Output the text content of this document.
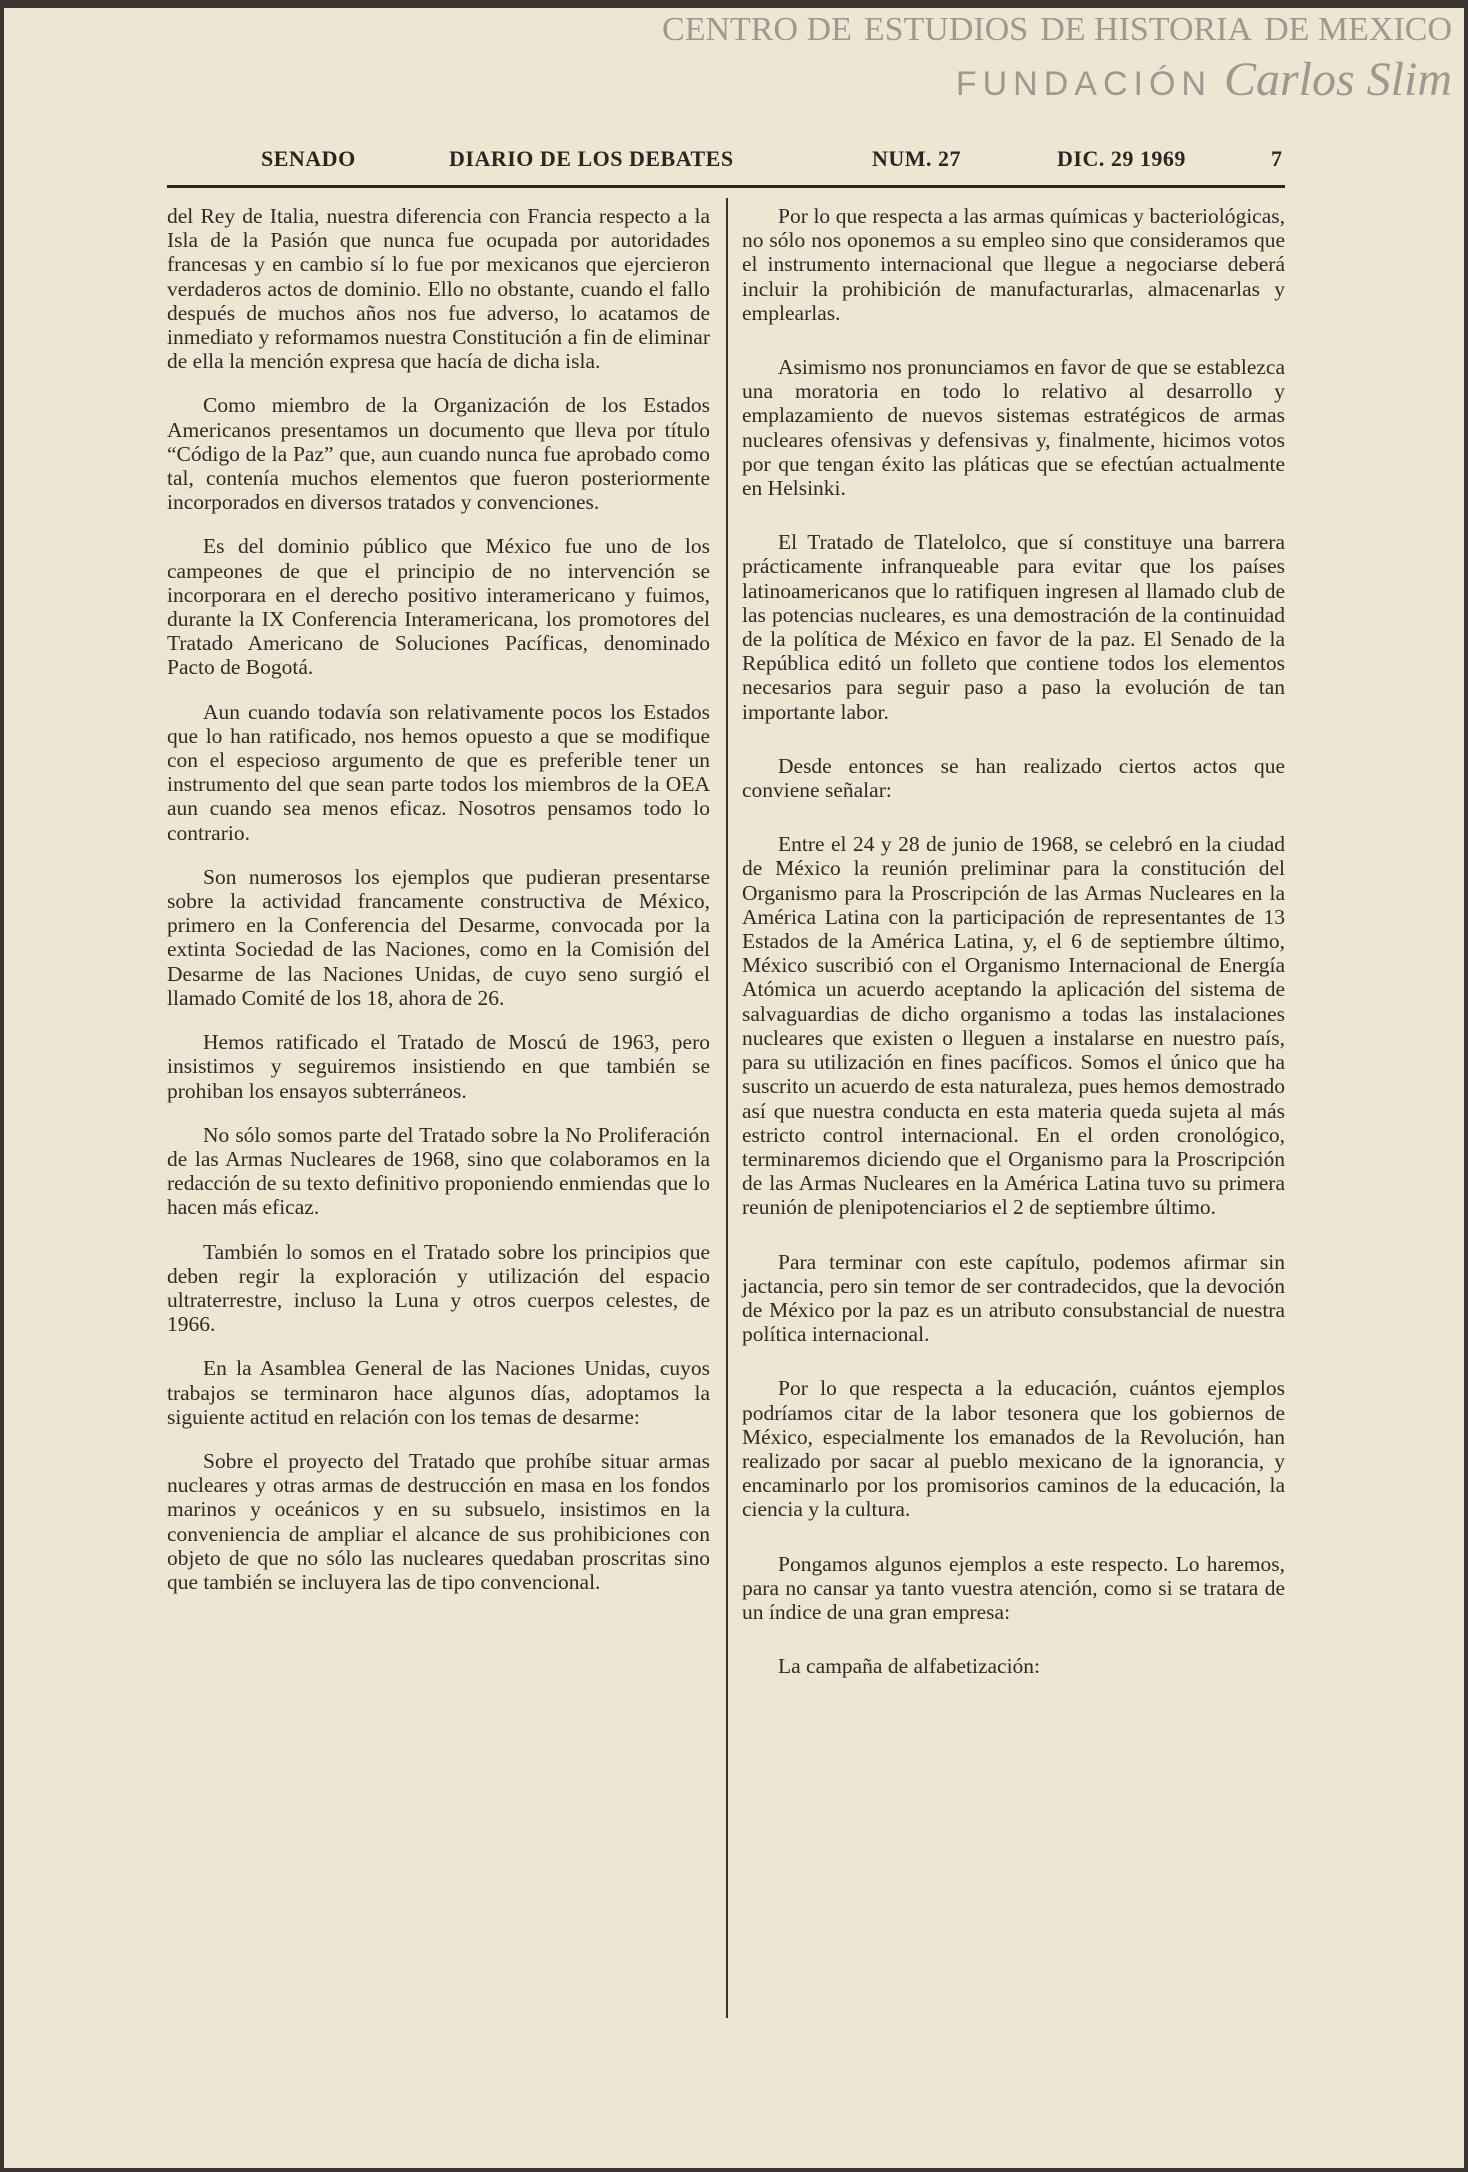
CENTRO DE ESTUDIOS DE HISTORIA DE MEXICO
FUNDACIÓN Carlos Slim
SENADO	DIARIO DE LOS DEBATES	NUM. 27	DIC. 29 1969	7

del Rey de Italia, nuestra diferencia con Francia respecto a la Isla de la Pasión que nunca fue ocupada por autoridades francesas y en cambio sí lo fue por mexicanos que ejercieron verdaderos actos de dominio. Ello no obstante, cuando el fallo después de muchos años nos fue adverso, lo acatamos de inmediato y reformamos nuestra Constitución a fin de eliminar de ella la mención expresa que hacía de dicha isla.

Como miembro de la Organización de los Estados Americanos presentamos un documento que lleva por título “Código de la Paz” que, aun cuando nunca fue aprobado como tal, contenía muchos elementos que fueron posteriormente incorporados en diversos tratados y convenciones.

Es del dominio público que México fue uno de los campeones de que el principio de no intervención se incorporara en el derecho positivo interamericano y fuimos, durante la IX Conferencia Interamericana, los promotores del Tratado Americano de Soluciones Pacíficas, denominado Pacto de Bogotá.

Aun cuando todavía son relativamente pocos los Estados que lo han ratificado, nos hemos opuesto a que se modifique con el especioso argumento de que es preferible tener un instrumento del que sean parte todos los miembros de la OEA aun cuando sea menos eficaz. Nosotros pensamos todo lo contrario.

Son numerosos los ejemplos que pudieran presentarse sobre la actividad francamente constructiva de México, primero en la Conferencia del Desarme, convocada por la extinta Sociedad de las Naciones, como en la Comisión del Desarme de las Naciones Unidas, de cuyo seno surgió el llamado Comité de los 18, ahora de 26.

Hemos ratificado el Tratado de Moscú de 1963, pero insistimos y seguiremos insistiendo en que también se prohiban los ensayos subterráneos.

No sólo somos parte del Tratado sobre la No Proliferación de las Armas Nucleares de 1968, sino que colaboramos en la redacción de su texto definitivo proponiendo enmiendas que lo hacen más eficaz.

También lo somos en el Tratado sobre los principios que deben regir la exploración y utilización del espacio ultraterrestre, incluso la Luna y otros cuerpos celestes, de 1966.

En la Asamblea General de las Naciones Unidas, cuyos trabajos se terminaron hace algunos días, adoptamos la siguiente actitud en relación con los temas de desarme:

Sobre el proyecto del Tratado que prohíbe situar armas nucleares y otras armas de destrucción en masa en los fondos marinos y oceánicos y en su subsuelo, insistimos en la conveniencia de ampliar el alcance de sus prohibiciones con objeto de que no sólo las nucleares quedaban proscritas sino que también se incluyera las de tipo convencional.

Por lo que respecta a las armas químicas y bacteriológicas, no sólo nos oponemos a su empleo sino que consideramos que el instrumento internacional que llegue a negociarse deberá incluir la prohibición de manufacturarlas, almacenarlas y emplearlas.

Asimismo nos pronunciamos en favor de que se establezca una moratoria en todo lo relativo al desarrollo y emplazamiento de nuevos sistemas estratégicos de armas nucleares ofensivas y defensivas y, finalmente, hicimos votos por que tengan éxito las pláticas que se efectúan actualmente en Helsinki.

El Tratado de Tlatelolco, que sí constituye una barrera prácticamente infranqueable para evitar que los países latinoamericanos que lo ratifiquen ingresen al llamado club de las potencias nucleares, es una demostración de la continuidad de la política de México en favor de la paz. El Senado de la República editó un folleto que contiene todos los elementos necesarios para seguir paso a paso la evolución de tan importante labor.

Desde entonces se han realizado ciertos actos que conviene señalar:

Entre el 24 y 28 de junio de 1968, se celebró en la ciudad de México la reunión preliminar para la constitución del Organismo para la Proscripción de las Armas Nucleares en la América Latina con la participación de representantes de 13 Estados de la América Latina, y, el 6 de septiembre último, México suscribió con el Organismo Internacional de Energía Atómica un acuerdo aceptando la aplicación del sistema de salvaguardias de dicho organismo a todas las instalaciones nucleares que existen o lleguen a instalarse en nuestro país, para su utilización en fines pacíficos. Somos el único que ha suscrito un acuerdo de esta naturaleza, pues hemos demostrado así que nuestra conducta en esta materia queda sujeta al más estricto control internacional. En el orden cronológico, terminaremos diciendo que el Organismo para la Proscripción de las Armas Nucleares en la América Latina tuvo su primera reunión de plenipotenciarios el 2 de septiembre último.

Para terminar con este capítulo, podemos afirmar sin jactancia, pero sin temor de ser contradecidos, que la devoción de México por la paz es un atributo consubstancial de nuestra política internacional.

Por lo que respecta a la educación, cuántos ejemplos podríamos citar de la labor tesonera que los gobiernos de México, especialmente los emanados de la Revolución, han realizado por sacar al pueblo mexicano de la ignorancia, y encaminarlo por los promisorios caminos de la educación, la ciencia y la cultura.

Pongamos algunos ejemplos a este respecto. Lo haremos, para no cansar ya tanto vuestra atención, como si se tratara de un índice de una gran empresa:

La campaña de alfabetización:
